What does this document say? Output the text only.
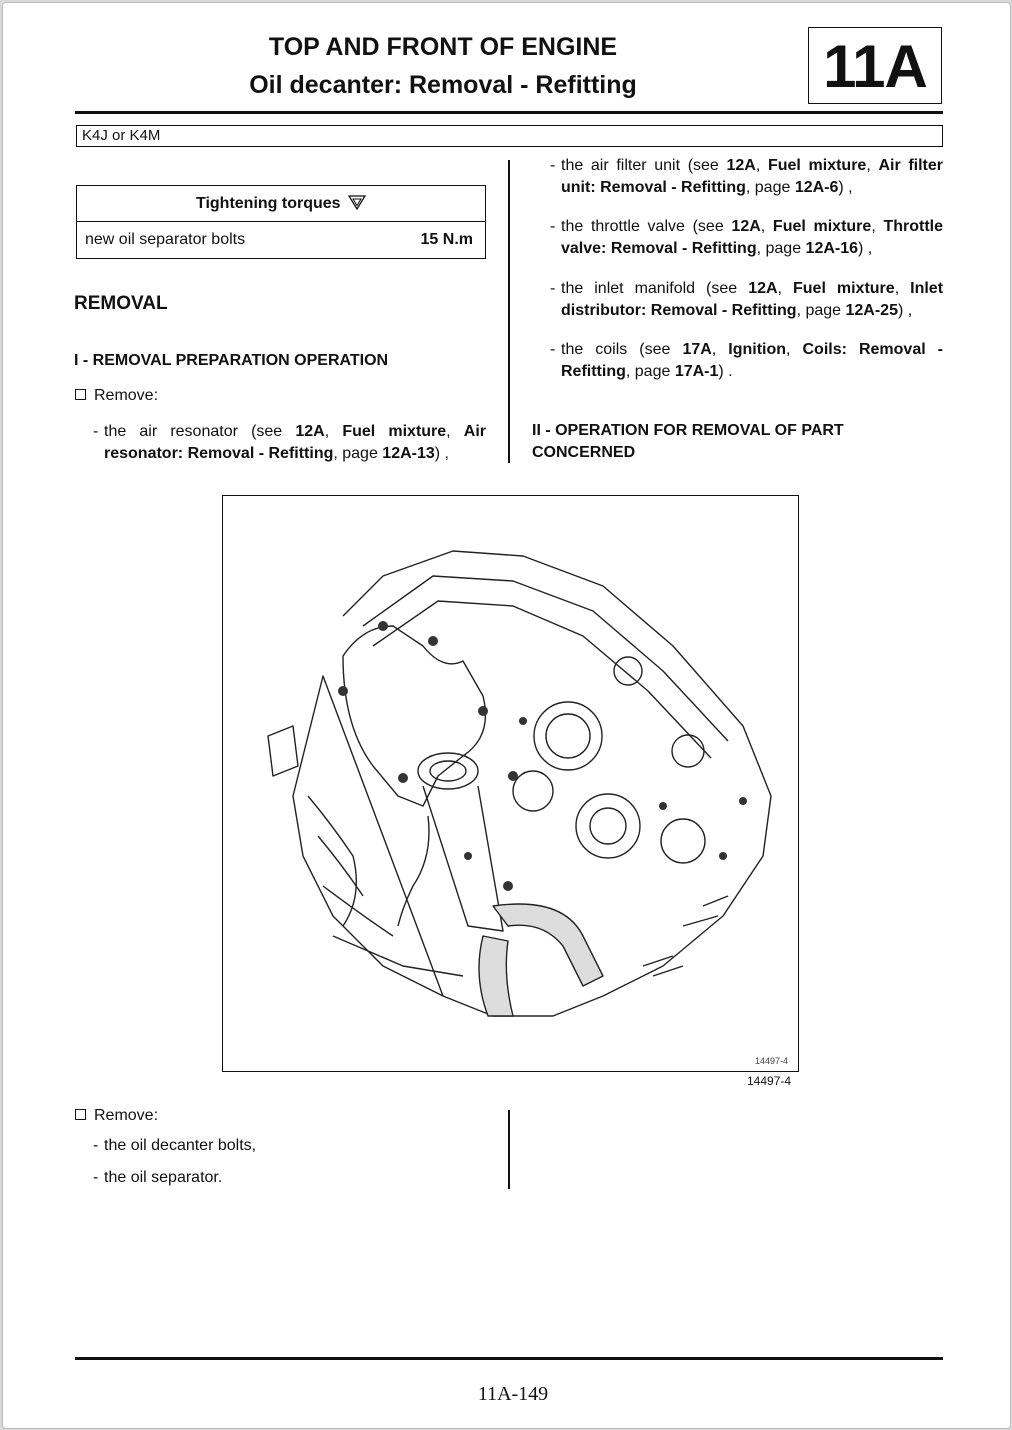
TOP AND FRONT OF ENGINE
Oil decanter: Removal - Refitting	11A
K4J or K4M
Tightening torques
new oil separator bolts	15 N.m
REMOVAL
I - REMOVAL PREPARATION OPERATION
Remove:
- the air resonator (see 12A, Fuel mixture, Air resonator: Removal - Refitting, page 12A-13) ,
- the air filter unit (see 12A, Fuel mixture, Air filter unit: Removal - Refitting, page 12A-6) ,
- the throttle valve (see 12A, Fuel mixture, Throttle valve: Removal - Refitting, page 12A-16) ,
- the inlet manifold (see 12A, Fuel mixture, Inlet distributor: Removal - Refitting, page 12A-25) ,
- the coils (see 17A, Ignition, Coils: Removal - Refitting, page 17A-1) .
II - OPERATION FOR REMOVAL OF PART
CONCERNED
14497-4
14497-4
Remove:
- the oil decanter bolts,
- the oil separator.
11A-149
